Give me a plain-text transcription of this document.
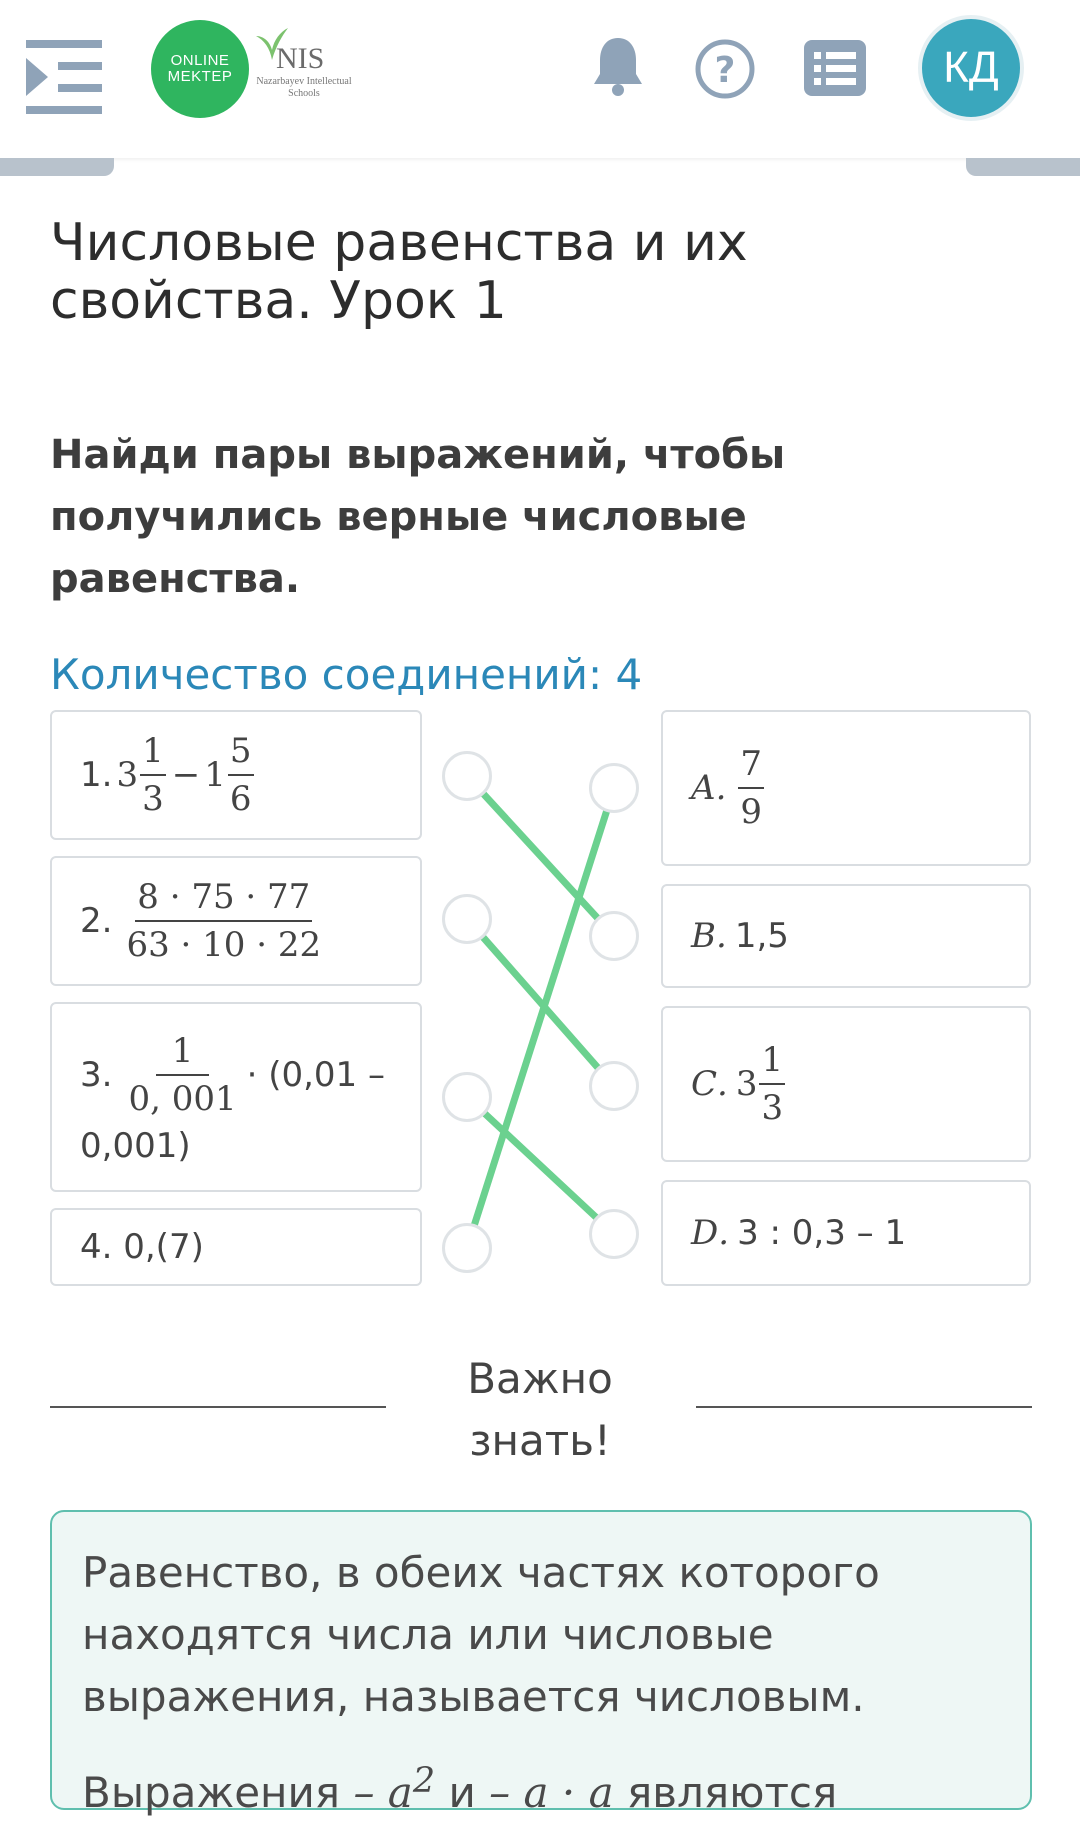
ONLINE
MEKTEP
NIS
Nazarbayev Intellectual Schools
?	КД
Числовые равенства и их свойства. Урок 1
Найди пары выражений, чтобы получились верные числовые равенства.
Количество соединений: 4
1. $3 \frac{1}{3} - 1 \frac{5}{6}$
2. $\frac{8 \cdot 75 \cdot 77}{63 \cdot 10 \cdot 22}$
3. $\frac{1}{0, 001} \cdot (0,01$ –
0,001)
4. 0,(7)
A . $\frac{7}{9}$
B . 1,5
C . $3 \frac{1}{3}$
D . 3 : 0,3 – 1
Важно знать!

Равенство, в обеих частях которого находятся числа или числовые выражения, называется числовым.

Выражения – $a^2$ и – a · a являются
